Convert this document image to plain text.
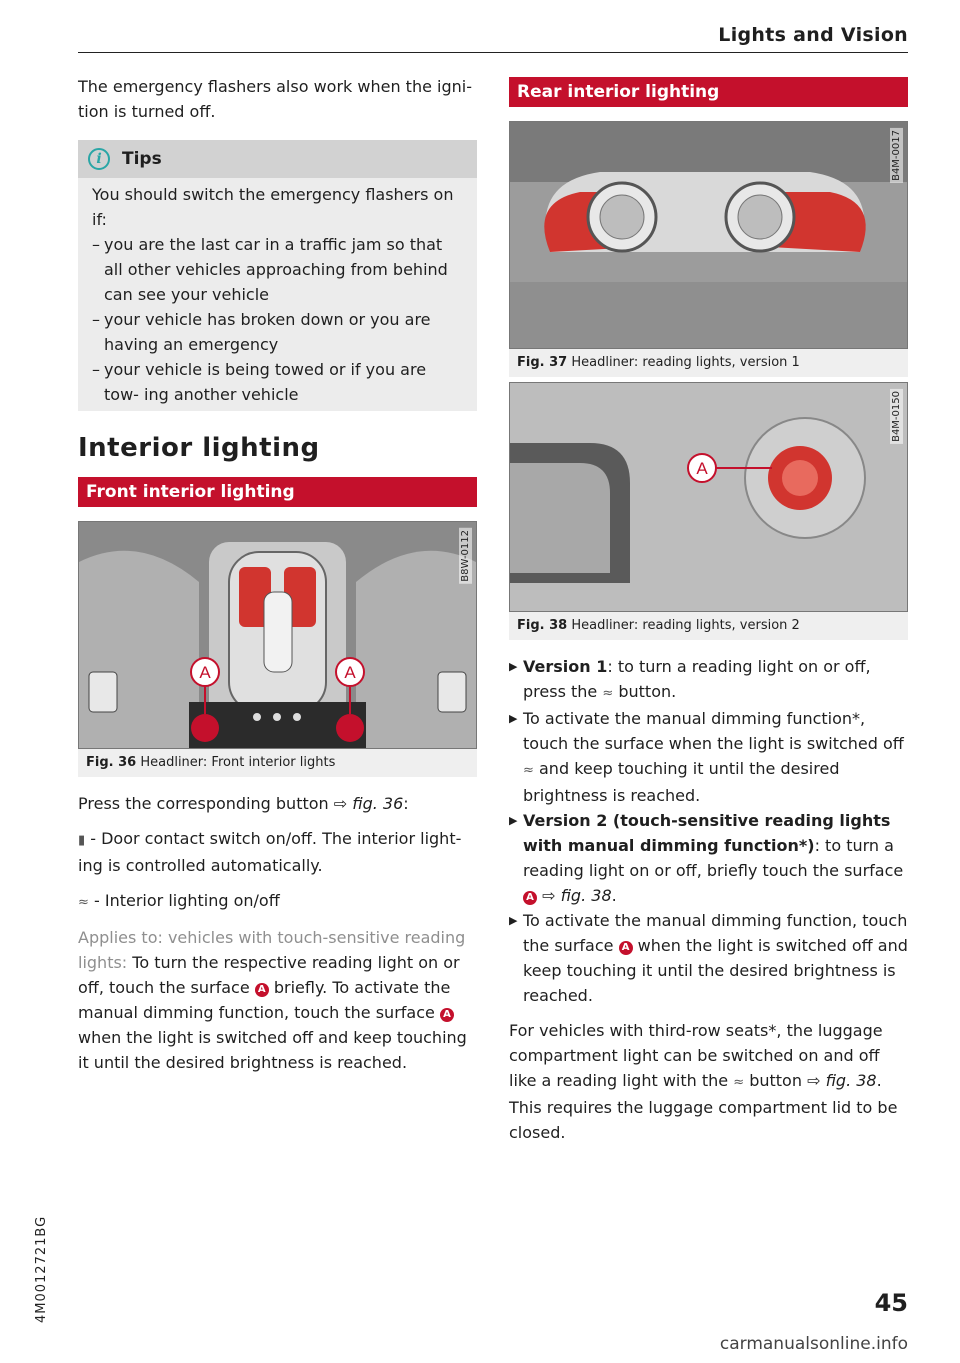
Lights and Vision

The emergency flashers also work when the igni- tion is turned off.

i	Tips

You should switch the emergency flashers on if:

– you are the last car in a traffic jam so that all other vehicles approaching from behind can see your vehicle

– your vehicle has broken down or you are having an emergency

– your vehicle is being towed or if you are tow- ing another vehicle

Interior lighting
Front interior lighting
A	A
B8W-0112
Fig. 36 Headliner: Front interior lights

Press the corresponding button ⇨ fig. 36:

▮ - Door contact switch on/off. The interior light- ing is controlled automatically.

≈ - Interior lighting on/off

Applies to: vehicles with touch-sensitive reading lights: To turn the respective reading light on or off, touch the surface A briefly. To activate the manual dimming function, touch the surface A when the light is switched off and keep touching it until the desired brightness is reached.

Rear interior lighting
B4M-0017
Fig. 37 Headliner: reading lights, version 1
A
B4M-0150
Fig. 38 Headliner: reading lights, version 2
▶ Version 1: to turn a reading light on or off, press the ≈ button.
▶ To activate the manual dimming function*, touch the surface when the light is switched off ≈ and keep touching it until the desired brightness is reached.
▶ Version 2 (touch-sensitive reading lights with manual dimming function*): to turn a reading light on or off, briefly touch the surface A ⇨ fig. 38.
▶ To activate the manual dimming function, touch the surface A when the light is switched off and keep touching it until the desired brightness is reached.

For vehicles with third-row seats*, the luggage compartment light can be switched on and off like a reading light with the ≈ button ⇨ fig. 38. This requires the luggage compartment lid to be closed.

4M0012721BG	45
carmanualsonline.info
